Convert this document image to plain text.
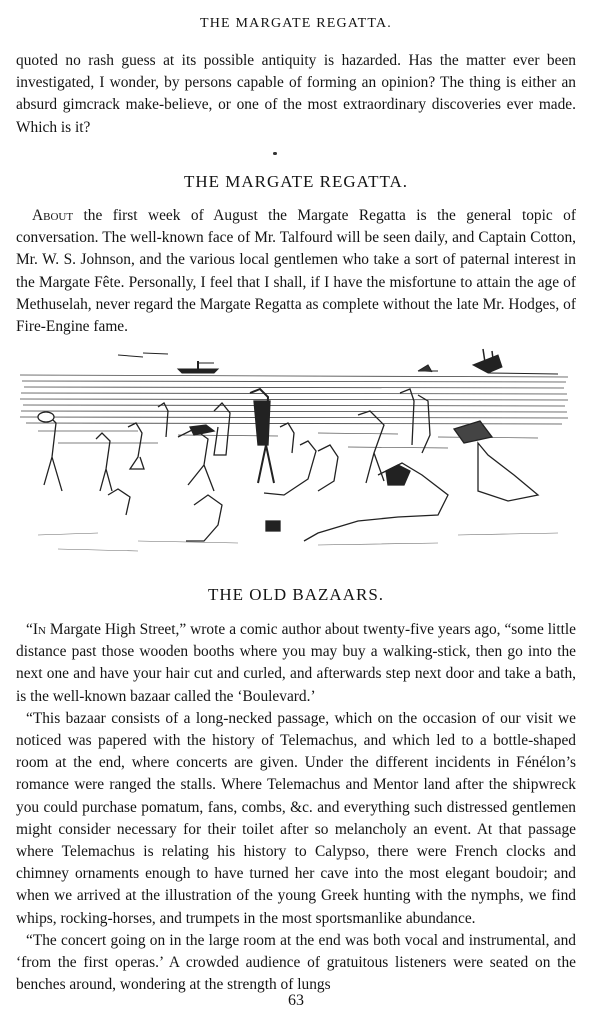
THE MARGATE REGATTA.

quoted no rash guess at its possible antiquity is hazarded. Has the matter ever been investigated, I wonder, by persons capable of forming an opinion? The thing is either an absurd gimcrack make-believe, or one of the most extraordinary discoveries ever made. Which is it?

THE MARGATE REGATTA.

About the first week of August the Margate Regatta is the general topic of conversation. The well-known face of Mr. Talfourd will be seen daily, and Captain Cotton, Mr. W. S. Johnson, and the various local gentlemen who take a sort of paternal interest in the Margate Fête. Personally, I feel that I shall, if I have the misfortune to attain the age of Methuselah, never regard the Margate Regatta as complete without the late Mr. Hodges, of Fire-Engine fame.

THE OLD BAZAARS.

“In Margate High Street,” wrote a comic author about twenty-five years ago, “some little distance past those wooden booths where you may buy a walking-stick, then go into the next one and have your hair cut and curled, and afterwards step next door and take a bath, is the well-known bazaar called the ‘Boulevard.’

“This bazaar consists of a long-necked passage, which on the occasion of our visit we noticed was papered with the history of Telemachus, and which led to a bottle-shaped room at the end, where concerts are given. Under the different incidents in Fénélon’s romance were ranged the stalls. Where Telemachus and Mentor land after the shipwreck you could purchase pomatum, fans, combs, &c. and everything such distressed gentlemen might consider necessary for their toilet after so melancholy an event. At that passage where Telemachus is relating his history to Calypso, there were French clocks and chimney ornaments enough to have turned her cave into the most elegant boudoir; and when we arrived at the illustration of the young Greek hunting with the nymphs, we find whips, rocking-horses, and trumpets in the most sportsmanlike abundance.

“The concert going on in the large room at the end was both vocal and instrumental, and ‘from the first operas.’ A crowded audience of gratuitous listeners were seated on the benches around, wondering at the strength of lungs

63
